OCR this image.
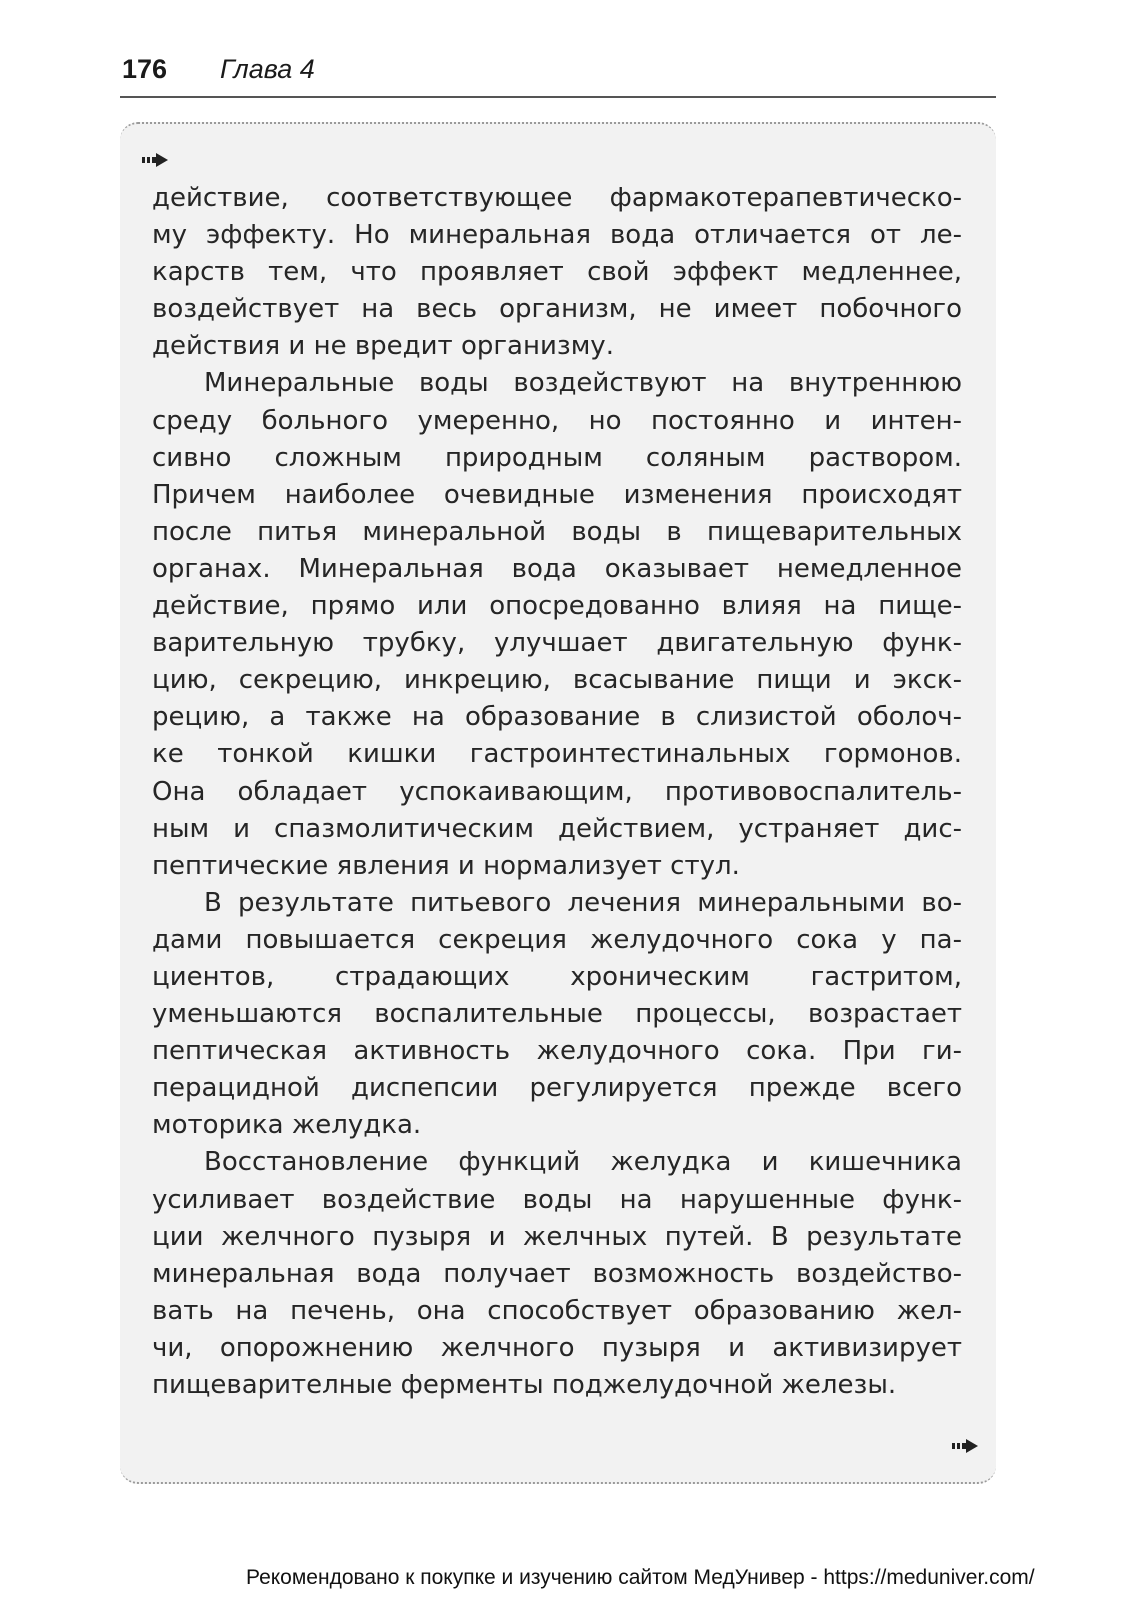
176 Глава 4
действие, соответствующее фармакотерапевтическо-
му эффекту. Но минеральная вода отличается от ле-
карств тем, что проявляет свой эффект медленнее,
воздействует на весь организм, не имеет побочного
действия и не вредит организму.
Минеральные воды воздействуют на внутреннюю
среду больного умеренно, но постоянно и интен-
сивно сложным природным соляным раствором.
Причем наиболее очевидные изменения происходят
после питья минеральной воды в пищеварительных
органах. Минеральная вода оказывает немедленное
действие, прямо или опосредованно влияя на пище-
варительную трубку, улучшает двигательную функ-
цию, секрецию, инкрецию, всасывание пищи и экск-
рецию, а также на образование в слизистой оболоч-
ке тонкой кишки гастроинтестинальных гормонов.
Она обладает успокаивающим, противовоспалитель-
ным и спазмолитическим действием, устраняет дис-
пептические явления и нормализует стул.
В результате питьевого лечения минеральными во-
дами повышается секреция желудочного сока у па-
циентов, страдающих хроническим гастритом,
уменьшаются воспалительные процессы, возрастает
пептическая активность желудочного сока. При ги-
перацидной диспепсии регулируется прежде всего
моторика желудка.
Восстановление функций желудка и кишечника
усиливает воздействие воды на нарушенные функ-
ции желчного пузыря и желчных путей. В результате
минеральная вода получает возможность воздейство-
вать на печень, она способствует образованию жел-
чи, опорожнению желчного пузыря и активизирует
пищеварителные ферменты поджелудочной железы.
Рекомендовано к покупке и изучению сайтом МедУнивер - https://meduniver.com/
